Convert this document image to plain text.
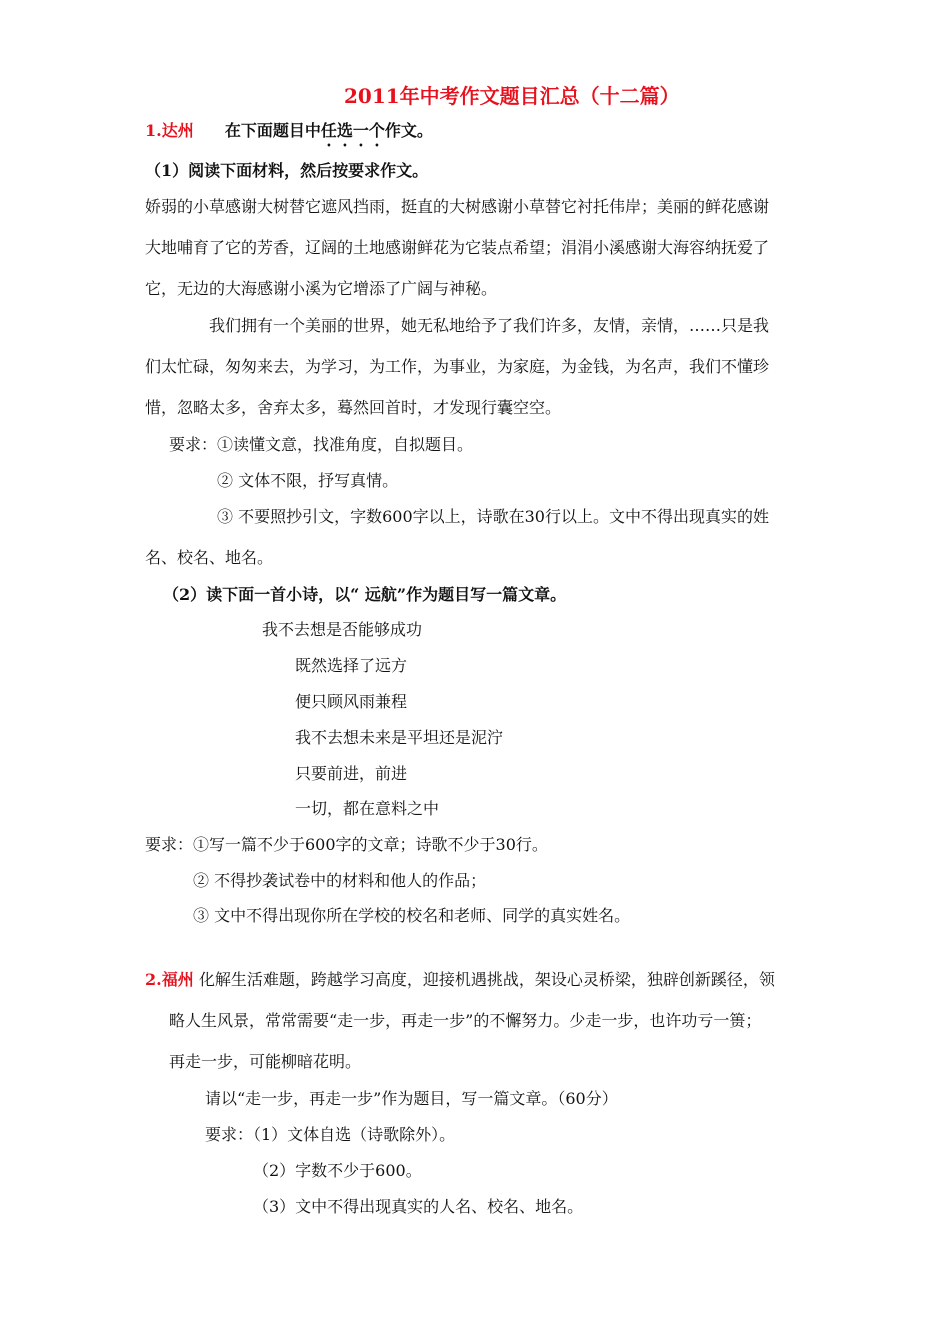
2011年中考作文题目汇总（十二篇）
1.达州 在下面题目中任选一个作文。
（1）阅读下面材料，然后按要求作文。
娇弱的小草感谢大树替它遮风挡雨，挺直的大树感谢小草替它衬托伟岸；美丽的鲜花感谢
大地哺育了它的芳香，辽阔的土地感谢鲜花为它装点希望；涓涓小溪感谢大海容纳抚爱了
它，无边的大海感谢小溪为它增添了广阔与神秘。
我们拥有一个美丽的世界，她无私地给予了我们许多，友情，亲情，……只是我
们太忙碌，匆匆来去，为学习，为工作，为事业，为家庭，为金钱，为名声，我们不懂珍
惜，忽略太多，舍弃太多，蓦然回首时，才发现行囊空空。
要求：①读懂文意，找准角度，自拟题目。
② 文体不限，抒写真情。
③ 不要照抄引文，字数600字以上，诗歌在30行以上。文中不得出现真实的姓
名、校名、地名。
（2）读下面一首小诗，以“ 远航”作为题目写一篇文章。
我不去想是否能够成功
既然选择了远方
便只顾风雨兼程
我不去想未来是平坦还是泥泞
只要前进，前进
一切，都在意料之中
要求：①写一篇不少于600字的文章；诗歌不少于30行。
② 不得抄袭试卷中的材料和他人的作品；
③ 文中不得出现你所在学校的校名和老师、同学的真实姓名。
2.福州 化解生活难题，跨越学习高度，迎接机遇挑战，架设心灵桥梁，独辟创新蹊径，领
略人生风景，常常需要“走一步，再走一步”的不懈努力。少走一步，也许功亏一篑；
再走一步，可能柳暗花明。
请以“走一步，再走一步”作为题目，写一篇文章。（60分）
要求：（1）文体自选（诗歌除外）。
（2）字数不少于600。
（3）文中不得出现真实的人名、校名、地名。
